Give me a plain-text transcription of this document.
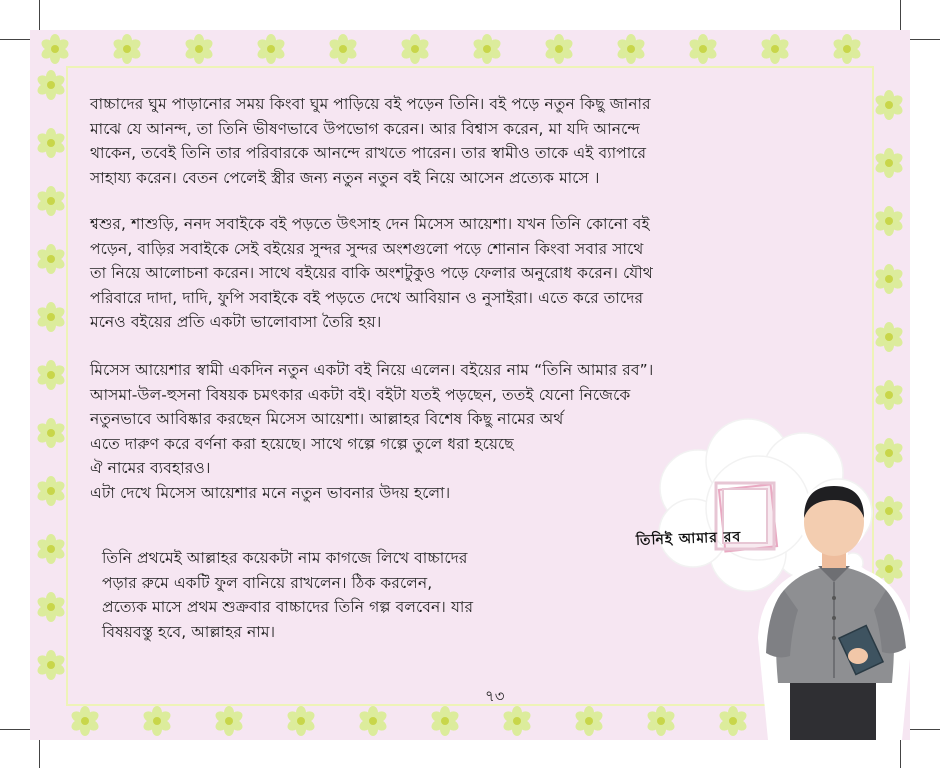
বাচ্চাদের ঘুম পাড়ানোর সময় কিংবা ঘুম পাড়িয়ে বই পড়েন তিনি। বই পড়ে নতুন কিছু জানার
মাঝে যে আনন্দ, তা তিনি ভীষণভাবে উপভোগ করেন। আর বিশ্বাস করেন, মা যদি আনন্দে
থাকেন, তবেই তিনি তার পরিবারকে আনন্দে রাখতে পারেন। তার স্বামীও তাকে এই ব্যাপারে
সাহায্য করেন। বেতন পেলেই স্ত্রীর জন্য নতুন নতুন বই নিয়ে আসেন প্রত্যেক মাসে ।

শ্বশুর, শাশুড়ি, ননদ সবাইকে বই পড়তে উৎসাহ দেন মিসেস আয়েশা। যখন তিনি কোনো বই
পড়েন, বাড়ির সবাইকে সেই বইয়ের সুন্দর সুন্দর অংশগুলো পড়ে শোনান কিংবা সবার সাথে
তা নিয়ে আলোচনা করেন। সাথে বইয়ের বাকি অংশটুকুও পড়ে ফেলার অনুরোধ করেন। যৌথ
পরিবারে দাদা, দাদি, ফুপি সবাইকে বই পড়তে দেখে আবিয়ান ও নুসাইরা। এতে করে তাদের
মনেও বইয়ের প্রতি একটা ভালোবাসা তৈরি হয়।

মিসেস আয়েশার স্বামী একদিন নতুন একটা বই নিয়ে এলেন। বইয়ের নাম “তিনি আমার রব”।
আসমা-উল-হুসনা বিষয়ক চমৎকার একটা বই। বইটা যতই পড়ছেন, ততই যেনো নিজেকে
নতুনভাবে আবিষ্কার করছেন মিসেস আয়েশা। আল্লাহর বিশেষ কিছু নামের অর্থ
এতে দারুণ করে বর্ণনা করা হয়েছে। সাথে গল্পে গল্পে তুলে ধরা হয়েছে
ঐ নামের ব্যবহারও।
এটা দেখে মিসেস আয়েশার মনে নতুন ভাবনার উদয় হলো।

তিনি প্রথমেই আল্লাহর কয়েকটা নাম কাগজে লিখে বাচ্চাদের
পড়ার রুমে একটি ফুল বানিয়ে রাখলেন। ঠিক করলেন,
প্রত্যেক মাসে প্রথম শুক্রবার বাচ্চাদের তিনি গল্প বলবেন। যার
বিষয়বস্তু হবে, আল্লাহর নাম।

তিনিই আমার রব
৭৩
